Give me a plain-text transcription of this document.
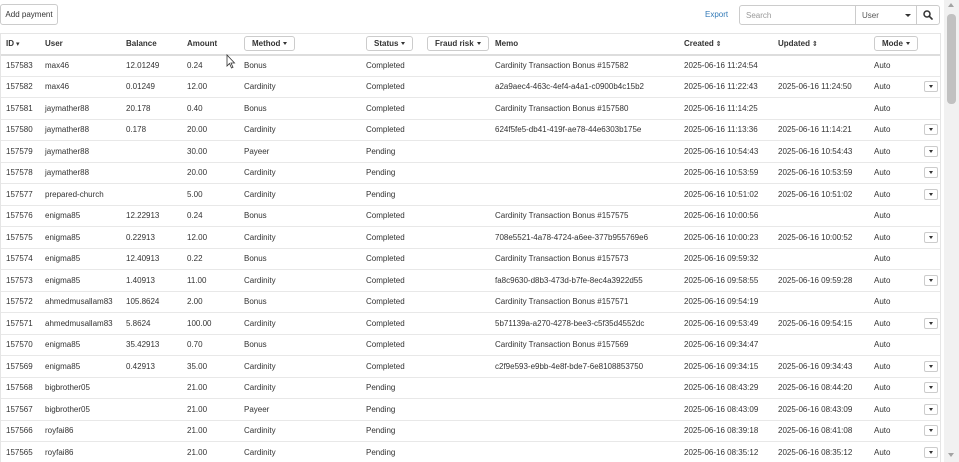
Add payment	Export
Search	User
ID ▾	User	Balance	Amount	Method	Status	Fraud risk	Memo	Created ⇕	Updated ⇕	Mode	

157583	max46	12.01249	0.24	Bonus	Completed		Cardinity Transaction Bonus #157582	2025-06-16 11:24:54		Auto	
157582	max46	0.01249	12.00	Cardinity	Completed		a2a9aec4-463c-4ef4-a4a1-c0900b4c15b2	2025-06-16 11:22:43	2025-06-16 11:24:50	Auto	

157581	jaymather88	20.178	0.40	Bonus	Completed		Cardinity Transaction Bonus #157580	2025-06-16 11:14:25		Auto	
157580	jaymather88	0.178	20.00	Cardinity	Completed		624f5fe5-db41-419f-ae78-44e6303b175e	2025-06-16 11:13:36	2025-06-16 11:14:21	Auto	

157579	jaymather88		30.00	Payeer	Pending			2025-06-16 10:54:43	2025-06-16 10:54:43	Auto	

157578	jaymather88		20.00	Cardinity	Pending			2025-06-16 10:53:59	2025-06-16 10:53:59	Auto	

157577	prepared-church		5.00	Cardinity	Pending			2025-06-16 10:51:02	2025-06-16 10:51:02	Auto	

157576	enigma85	12.22913	0.24	Bonus	Completed		Cardinity Transaction Bonus #157575	2025-06-16 10:00:56		Auto	
157575	enigma85	0.22913	12.00	Cardinity	Completed		708e5521-4a78-4724-a6ee-377b955769e6	2025-06-16 10:00:23	2025-06-16 10:00:52	Auto	

157574	enigma85	12.40913	0.22	Bonus	Completed		Cardinity Transaction Bonus #157573	2025-06-16 09:59:32		Auto	
157573	enigma85	1.40913	11.00	Cardinity	Completed		fa8c9630-d8b3-473d-b7fe-8ec4a3922d55	2025-06-16 09:58:55	2025-06-16 09:59:28	Auto	

157572	ahmedmusallam83	105.8624	2.00	Bonus	Completed		Cardinity Transaction Bonus #157571	2025-06-16 09:54:19		Auto	
157571	ahmedmusallam83	5.8624	100.00	Cardinity	Completed		5b71139a-a270-4278-bee3-c5f35d4552dc	2025-06-16 09:53:49	2025-06-16 09:54:15	Auto	

157570	enigma85	35.42913	0.70	Bonus	Completed		Cardinity Transaction Bonus #157569	2025-06-16 09:34:47		Auto	
157569	enigma85	0.42913	35.00	Cardinity	Completed		c2f9e593-e9bb-4e8f-bde7-6e8108853750	2025-06-16 09:34:15	2025-06-16 09:34:43	Auto	

157568	bigbrother05		21.00	Cardinity	Pending			2025-06-16 08:43:29	2025-06-16 08:44:20	Auto	

157567	bigbrother05		21.00	Payeer	Pending			2025-06-16 08:43:09	2025-06-16 08:43:09	Auto	

157566	royfai86		21.00	Cardinity	Pending			2025-06-16 08:39:18	2025-06-16 08:41:08	Auto	

157565	royfai86		21.00	Cardinity	Pending			2025-06-16 08:35:12	2025-06-16 08:35:12	Auto	
